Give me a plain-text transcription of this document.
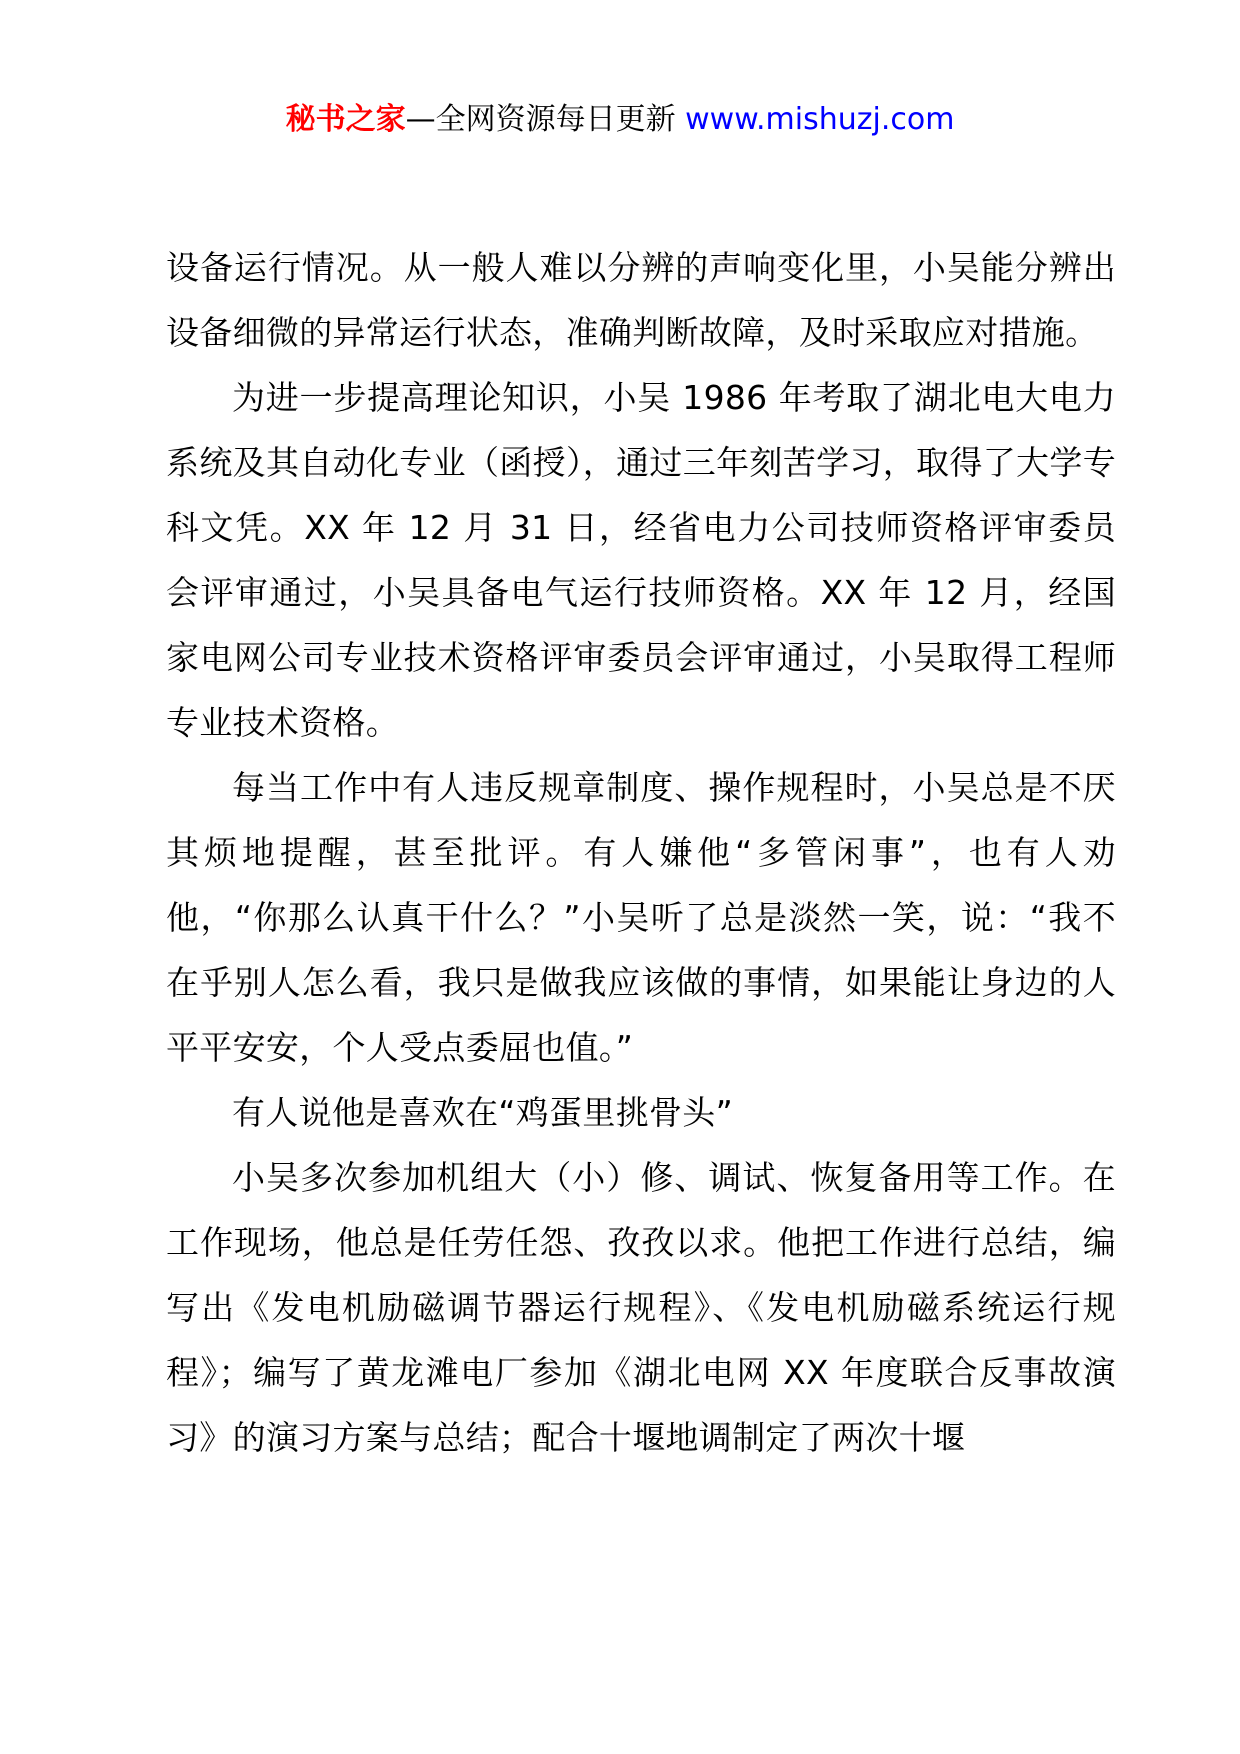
秘书之家—全网资源每日更新 www.mishuzj.com

设备运行情况。从一般人难以分辨的声响变化里，小吴能分辨出设备细微的异常运行状态，准确判断故障，及时采取应对措施。

为进一步提高理论知识，小吴 1986 年考取了湖北电大电力系统及其自动化专业（函授），通过三年刻苦学习，取得了大学专科文凭。XX 年 12 月 31 日，经省电力公司技师资格评审委员会评审通过，小吴具备电气运行技师资格。XX 年 12 月，经国家电网公司专业技术资格评审委员会评审通过，小吴取得工程师专业技术资格。

每当工作中有人违反规章制度、操作规程时，小吴总是不厌其烦地提醒，甚至批评。有人嫌他“多管闲事”，也有人劝他，“你那么认真干什么？”小吴听了总是淡然一笑，说：“我不在乎别人怎么看，我只是做我应该做的事情，如果能让身边的人平平安安，个人受点委屈也值。”

有人说他是喜欢在“鸡蛋里挑骨头”

小吴多次参加机组大（小）修、调试、恢复备用等工作。在工作现场，他总是任劳任怨、孜孜以求。他把工作进行总结，编写出《发电机励磁调节器运行规程》、《发电机励磁系统运行规程》；编写了黄龙滩电厂参加《湖北电网 XX 年度联合反事故演习》的演习方案与总结；配合十堰地调制定了两次十堰
